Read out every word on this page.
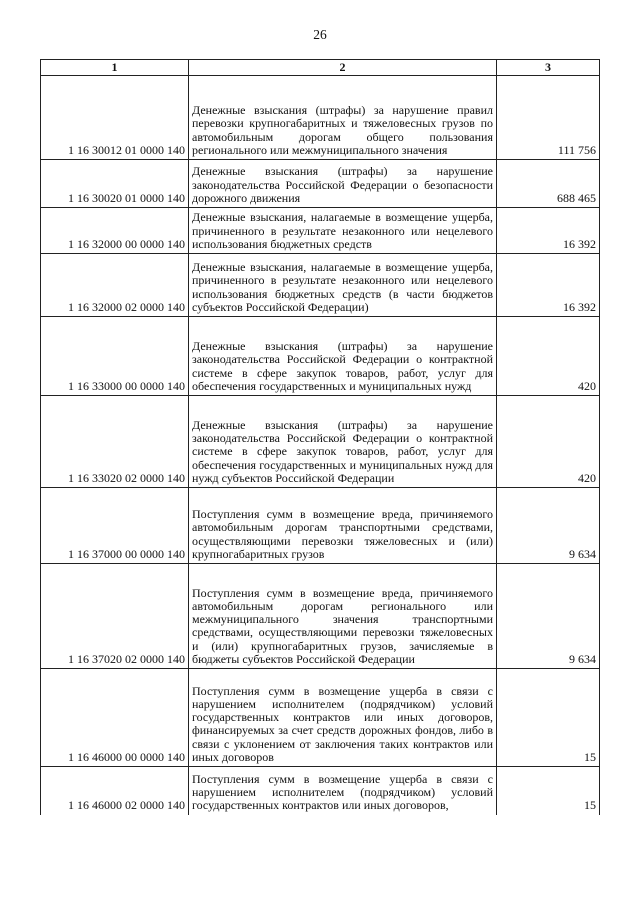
26
1	2	3
1 16 30012 01 0000 140	Денежные взыскания (штрафы) за нарушение правил перевозки крупногабаритных и тяжеловесных грузов по автомобильным дорогам общего пользования регионального или межмуниципального значения	111 756
1 16 30020 01 0000 140	Денежные взыскания (штрафы) за нарушение законодательства Российской Федерации о безопасности дорожного движения	688 465
1 16 32000 00 0000 140	Денежные взыскания, налагаемые в возмещение ущерба, причиненного в результате незаконного или нецелевого использования бюджетных средств	16 392
1 16 32000 02 0000 140	Денежные взыскания, налагаемые в возмещение ущерба, причиненного в результате незаконного или нецелевого использования бюджетных средств (в части бюджетов субъектов Российской Федерации)	16 392
1 16 33000 00 0000 140	Денежные взыскания (штрафы) за нарушение законодательства Российской Федерации о контрактной системе в сфере закупок товаров, работ, услуг для обеспечения государственных и муниципальных нужд	420
1 16 33020 02 0000 140	Денежные взыскания (штрафы) за нарушение законодательства Российской Федерации о контрактной системе в сфере закупок товаров, работ, услуг для обеспечения государственных и муниципальных нужд для нужд субъектов Российской Федерации	420
1 16 37000 00 0000 140	Поступления сумм в возмещение вреда, причиняемого автомобильным дорогам транспортными средствами, осуществляющими перевозки тяжеловесных и (или) крупногабаритных грузов	9 634
1 16 37020 02 0000 140	Поступления сумм в возмещение вреда, причиняемого автомобильным дорогам регионального или межмуниципального значения транспортными средствами, осуществляющими перевозки тяжеловесных и (или) крупногабаритных грузов, зачисляемые в бюджеты субъектов Российской Федерации	9 634
1 16 46000 00 0000 140	Поступления сумм в возмещение ущерба в связи с нарушением исполнителем (подрядчиком) условий государственных контрактов или иных договоров, финансируемых за счет средств дорожных фондов, либо в связи с уклонением от заключения таких контрактов или иных договоров	15
1 16 46000 02 0000 140	Поступления сумм в возмещение ущерба в связи с нарушением исполнителем (подрядчиком) условий государственных контрактов или иных договоров,	15
